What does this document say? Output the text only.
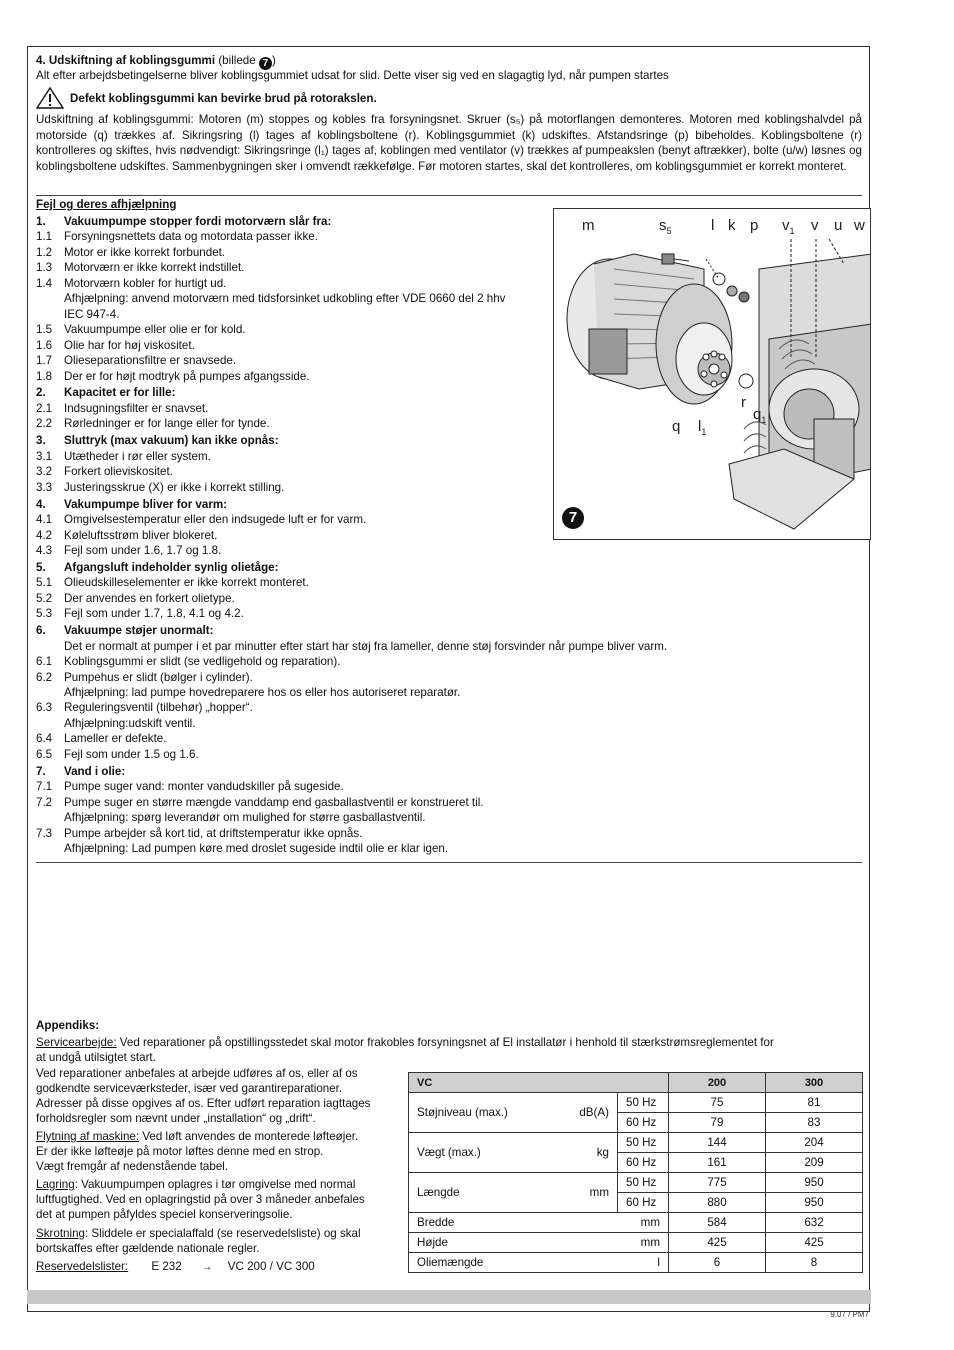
4. Udskiftning af koblingsgummi (billede 7 )
Alt efter arbejdsbetingelserne bliver koblingsgummiet udsat for slid. Dette viser sig ved en slagagtig lyd, når pumpen startes
Defekt koblingsgummi kan bevirke brud på rotorakslen.
Udskiftning af koblingsgummi: Motoren (m) stoppes og kobles fra forsyningsnet. Skruer (s₅) på motorflangen demonteres. Motoren med koblingshalvdel på motorside (q) trækkes af. Sikringsring (l) tages af koblingsboltene (r). Koblingsgummiet (k) udskiftes. Afstandsringe (p) bibeholdes. Koblingsboltene (r) kontrolleres og skiftes, hvis nødvendigt: Sikringsringe (l₁) tages af, koblingen med ventilator (v) trækkes af pumpeakslen (benyt aftrækker), bolte (u/w) løsnes og koblingsboltene udskiftes. Sammenbygningen sker i omvendt rækkefølge. Før motoren startes, skal det kontrolleres, om koblingsgummiet er korrekt monteret.
Fejl og deres afhjælpning
1. Vakuumpumpe stopper fordi motorværn slår fra:
1.1 Forsyningsnettets data og motordata passer ikke.
1.2 Motor er ikke korrekt forbundet.
1.3 Motorværn er ikke korrekt indstillet.
1.4 Motorværn kobler for hurtigt ud.
Afhjælpning: anvend motorværn med tidsforsinket udkobling efter VDE 0660 del 2 hhv
IEC 947-4.
1.5 Vakuumpumpe eller olie er for kold.
1.6 Olie har for høj viskositet.
1.7 Olieseparationsfiltre er snavsede.
1.8 Der er for højt modtryk på pumpes afgangsside.
2. Kapacitet er for lille:
2.1 Indsugningsfilter er snavset.
2.2 Rørledninger er for lange eller for tynde.
3. Sluttryk (max vakuum) kan ikke opnås:
3.1 Utætheder i rør eller system.
3.2 Forkert olieviskositet.
3.3 Justeringsskrue (X) er ikke i korrekt stilling.
4. Vakumpumpe bliver for varm:
4.1 Omgivelsestemperatur eller den indsugede luft er for varm.
4.2 Køleluftsstrøm bliver blokeret.
4.3 Fejl som under 1.6, 1.7 og 1.8.
5. Afgangsluft indeholder synlig olietåge:
5.1 Olieudskilleselementer er ikke korrekt monteret.
5.2 Der anvendes en forkert olietype.
5.3 Fejl som under 1.7, 1.8, 4.1 og 4.2.
6. Vakuumpe støjer unormalt:
Det er normalt at pumper i et par minutter efter start har støj fra lameller, denne støj forsvinder når pumpe bliver varm.
6.1 Koblingsgummi er slidt (se vedligehold og reparation).
6.2 Pumpehus er slidt (bølger i cylinder).
Afhjælpning: lad pumpe hovedreparere hos os eller hos autoriseret reparatør.
6.3 Reguleringsventil (tilbehør) „hopper“.
Afhjælpning:udskift ventil.
6.4 Lameller er defekte.
6.5 Fejl som under 1.5 og 1.6.
7. Vand i olie:
7.1 Pumpe suger vand: monter vandudskiller på sugeside.
7.2 Pumpe suger en større mængde vanddamp end gasballastventil er konstrueret til.
Afhjælpning: spørg leverandør om mulighed for større gasballastventil.
7.3 Pumpe arbejder så kort tid, at driftstemperatur ikke opnås.
Afhjælpning: Lad pumpen køre med droslet sugeside indtil olie er klar igen.
m	$s_5$	l k p $v_1$ v u w
r
$q_1$
q $l_1$
7
Appendiks:
Servicearbejde: Ved reparationer på opstillingsstedet skal motor frakobles forsyningsnet af El installatør i henhold til stærkstrømsreglementet for
at undgå utilsigtet start.
Ved reparationer anbefales at arbejde udføres af os, eller af os
godkendte serviceværksteder, især ved garantireparationer.
Adresser på disse opgives af os. Efter udført reparation iagttages
forholdsregler som nævnt under „installation“ og „drift“.
Flytning af maskine: Ved løft anvendes de monterede løfteøjer.
Er der ikke løfteøje på motor løftes denne med en strop.
Vægt fremgår af nedenstående tabel.
Lagring: Vakuumpumpen oplagres i tør omgivelse med normal
luftfugtighed. Ved en oplagringstid på over 3 måneder anbefales
det at pumpen påfyldes speciel konserveringsolie.
Skrotning: Sliddele er specialaffald (se reservedelsliste) og skal
bortskaffes efter gældende nationale regler.
Reservedelslister: E 232 → VC 200 / VC 300
VC			200	300
Støjniveau (max.)	dB(A)	50 Hz	75	81
		60 Hz	79	83
Vægt (max.)	kg	50 Hz	144	204
		60 Hz	161	209
Længde	mm	50 Hz	775	950
		60 Hz	880	950
Bredde		mm	584	632
Højde		mm	425	425
Oliemængde		l	6	8
9.07 / PM7
